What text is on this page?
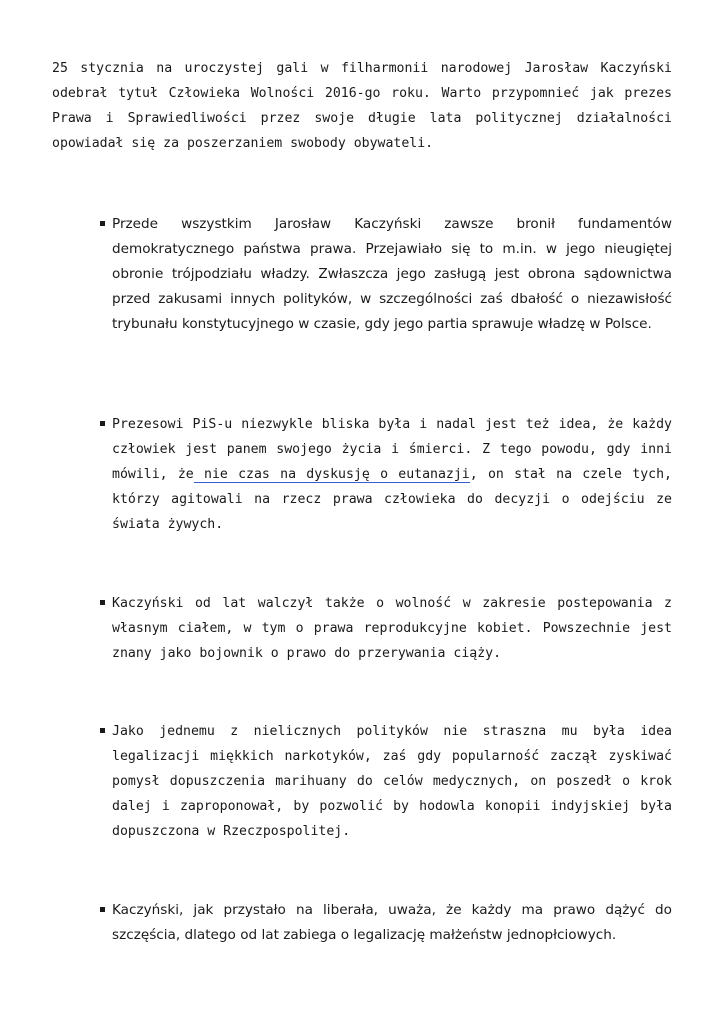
25 stycznia na uroczystej gali w filharmonii narodowej Jarosław Kaczyński odebrał tytuł Człowieka Wolności 2016-go roku. Warto przypomnieć jak prezes Prawa i Sprawiedliwości przez swoje długie lata politycznej działalności opowiadał się za poszerzaniem swobody obywateli.

Przede wszystkim Jarosław Kaczyński zawsze bronił fundamentów demokratycznego państwa prawa. Przejawiało się to m.in. w jego nieugiętej obronie trójpodziału władzy. Zwłaszcza jego zasługą jest obrona sądownictwa przed zakusami innych polityków, w szczególności zaś dbałość o niezawisłość trybunału konstytucyjnego w czasie, gdy jego partia sprawuje władzę w Polsce.

Prezesowi PiS-u niezwykle bliska była i nadal jest też idea, że każdy człowiek jest panem swojego życia i śmierci. Z tego powodu, gdy inni mówili, że nie czas na dyskusję o eutanazji, on stał na czele tych, którzy agitowali na rzecz prawa człowieka do decyzji o odejściu ze świata żywych.

Kaczyński od lat walczył także o wolność w zakresie postepowania z własnym ciałem, w tym o prawa reprodukcyjne kobiet. Powszechnie jest znany jako bojownik o prawo do przerywania ciąży.

Jako jednemu z nielicznych polityków nie straszna mu była idea legalizacji miękkich narkotyków, zaś gdy popularność zaczął zyskiwać pomysł dopuszczenia marihuany do celów medycznych, on poszedł o krok dalej i zaproponował, by pozwolić by hodowla konopii indyjskiej była dopuszczona w Rzeczpospolitej.

Kaczyński, jak przystało na liberała, uważa, że każdy ma prawo dążyć do szczęścia, dlatego od lat zabiega o legalizację małżeństw jednopłciowych.
